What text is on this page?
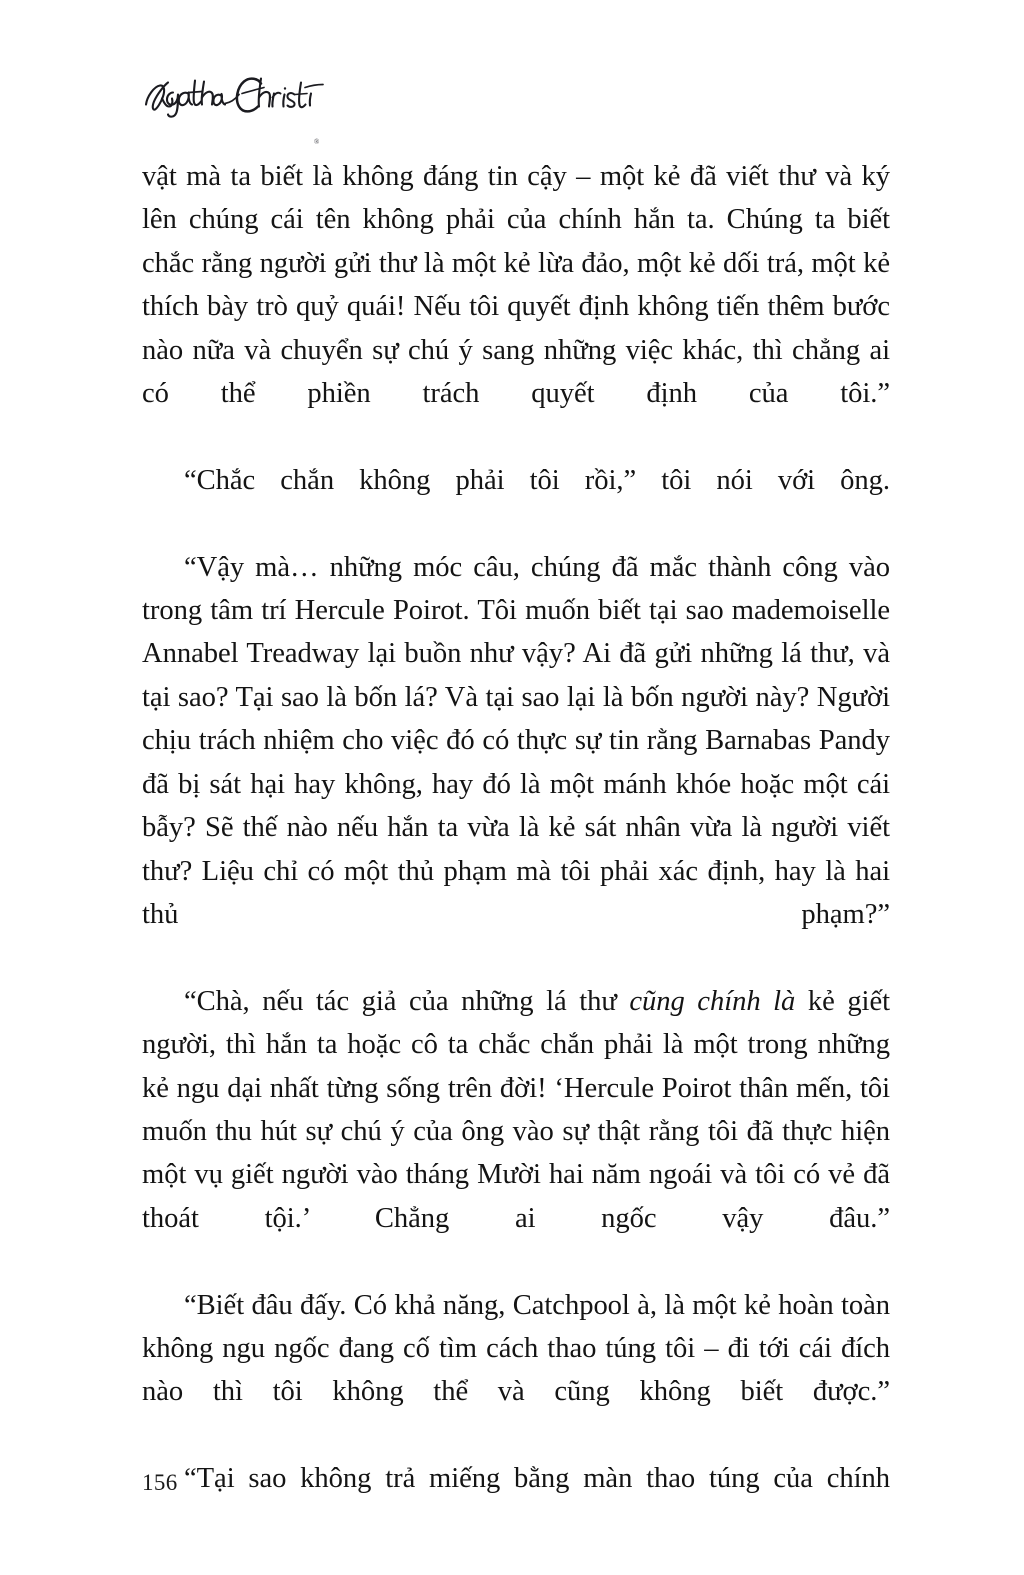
®

vật mà ta biết là không đáng tin cậy – một kẻ đã viết thư và ký lên chúng cái tên không phải của chính hắn ta. Chúng ta biết chắc rằng người gửi thư là một kẻ lừa đảo, một kẻ dối trá, một kẻ thích bày trò quỷ quái! Nếu tôi quyết định không tiến thêm bước nào nữa và chuyển sự chú ý sang những việc khác, thì chẳng ai có thể phiền trách quyết định của tôi.”

“Chắc chắn không phải tôi rồi,” tôi nói với ông.

“Vậy mà… những móc câu, chúng đã mắc thành công vào trong tâm trí Hercule Poirot. Tôi muốn biết tại sao mademoiselle Annabel Treadway lại buồn như vậy? Ai đã gửi những lá thư, và tại sao? Tại sao là bốn lá? Và tại sao lại là bốn người này? Người chịu trách nhiệm cho việc đó có thực sự tin rằng Barnabas Pandy đã bị sát hại hay không, hay đó là một mánh khóe hoặc một cái bẫy? Sẽ thế nào nếu hắn ta vừa là kẻ sát nhân vừa là người viết thư? Liệu chỉ có một thủ phạm mà tôi phải xác định, hay là hai thủ phạm?”

“Chà, nếu tác giả của những lá thư cũng chính là kẻ giết người, thì hắn ta hoặc cô ta chắc chắn phải là một trong những kẻ ngu dại nhất từng sống trên đời! ‘Hercule Poirot thân mến, tôi muốn thu hút sự chú ý của ông vào sự thật rằng tôi đã thực hiện một vụ giết người vào tháng Mười hai năm ngoái và tôi có vẻ đã thoát tội.’ Chẳng ai ngốc vậy đâu.”

“Biết đâu đấy. Có khả năng, Catchpool à, là một kẻ hoàn toàn không ngu ngốc đang cố tìm cách thao túng tôi – đi tới cái đích nào thì tôi không thể và cũng không biết được.”

“Tại sao không trả miếng bằng màn thao túng của chính

156
